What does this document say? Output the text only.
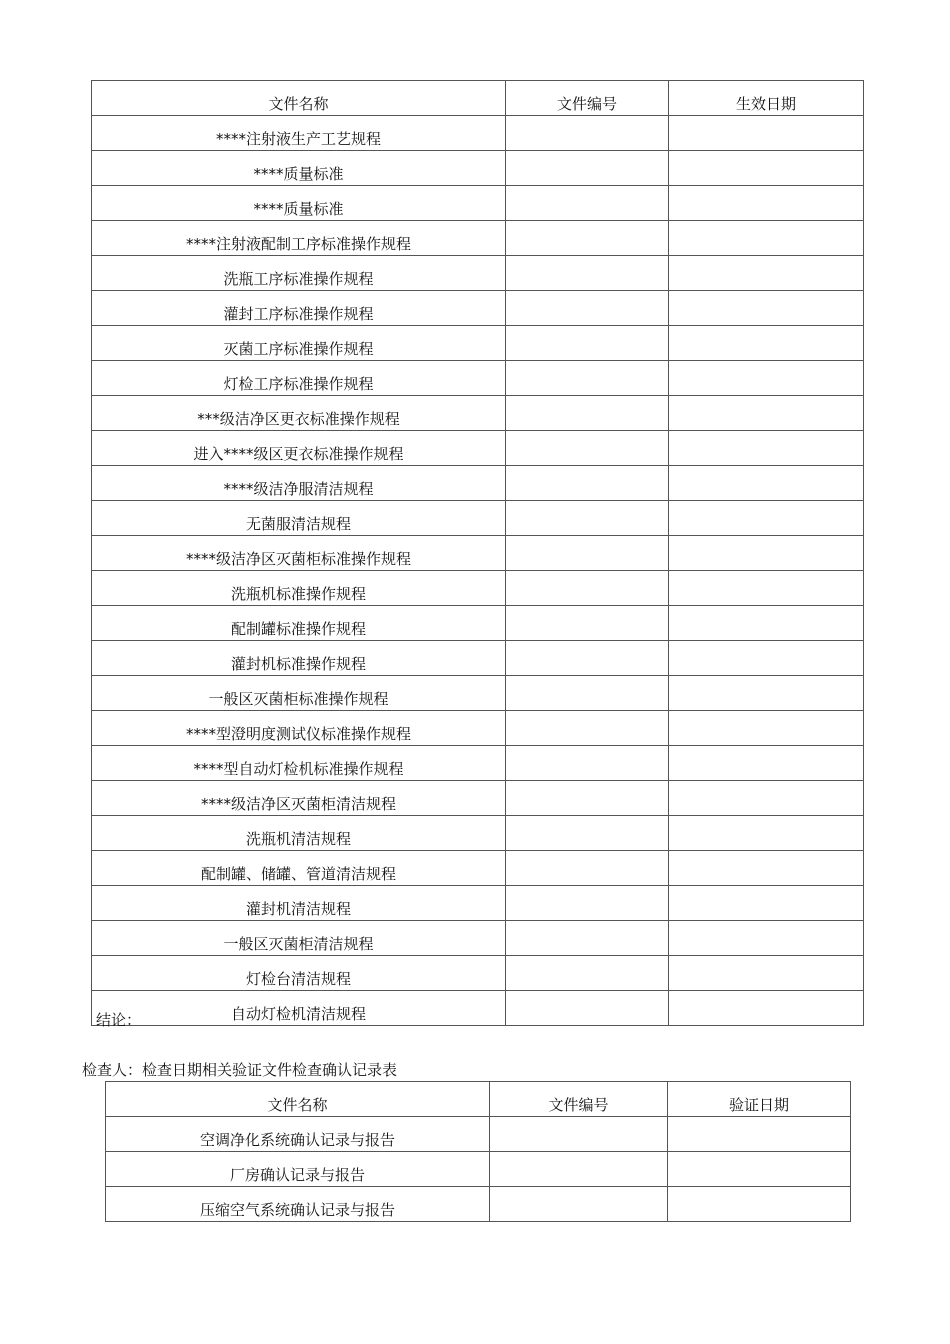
文件名称	文件编号	生效日期
****注射液生产工艺规程		
****质量标准		
****质量标准		
****注射液配制工序标准操作规程		
洗瓶工序标准操作规程		
灌封工序标准操作规程		
灭菌工序标准操作规程		
灯检工序标准操作规程		
***级洁净区更衣标准操作规程		
进入****级区更衣标准操作规程		
****级洁净服清洁规程		
无菌服清洁规程		
****级洁净区灭菌柜标准操作规程		
洗瓶机标准操作规程		
配制罐标准操作规程		
灌封机标准操作规程		
一般区灭菌柜标准操作规程		
****型澄明度测试仪标准操作规程		
****型自动灯检机标准操作规程		
****级洁净区灭菌柜清洁规程		
洗瓶机清洁规程		
配制罐、储罐、管道清洁规程		
灌封机清洁规程		
一般区灭菌柜清洁规程		
灯检台清洁规程		
自动灯检机清洁规程		
结论：
检查人：检查日期相关验证文件检查确认记录表
文件名称	文件编号	验证日期
空调净化系统确认记录与报告		
厂房确认记录与报告		
压缩空气系统确认记录与报告		
